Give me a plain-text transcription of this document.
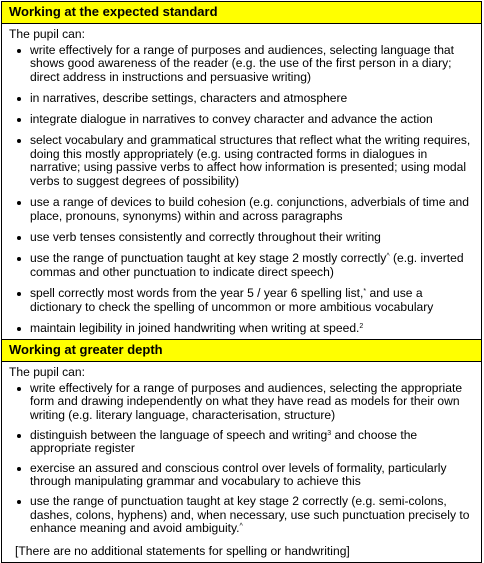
Working at the expected standard

The pupil can:
write effectively for a range of purposes and audiences, selecting language that shows good awareness of the reader (e.g. the use of the first person in a diary; direct address in instructions and persuasive writing)
in narratives, describe settings, characters and atmosphere
integrate dialogue in narratives to convey character and advance the action
select vocabulary and grammatical structures that reflect what the writing requires, doing this mostly appropriately (e.g. using contracted forms in dialogues in narrative; using passive verbs to affect how information is presented; using modal verbs to suggest degrees of possibility)
use a range of devices to build cohesion (e.g. conjunctions, adverbials of time and place, pronouns, synonyms) within and across paragraphs
use verb tenses consistently and correctly throughout their writing
use the range of punctuation taught at key stage 2 mostly correctly^ (e.g. inverted commas and other punctuation to indicate direct speech)
spell correctly most words from the year 5 / year 6 spelling list,* and use a dictionary to check the spelling of uncommon or more ambitious vocabulary
maintain legibility in joined handwriting when writing at speed.$^2$

Working at greater depth

The pupil can:
write effectively for a range of purposes and audiences, selecting the appropriate form and drawing independently on what they have read as models for their own writing (e.g. literary language, characterisation, structure)
distinguish between the language of speech and writing$^3$ and choose the appropriate register
exercise an assured and conscious control over levels of formality, particularly through manipulating grammar and vocabulary to achieve this
use the range of punctuation taught at key stage 2 correctly (e.g. semi-colons, dashes, colons, hyphens) and, when necessary, use such punctuation precisely to enhance meaning and avoid ambiguity.^
[There are no additional statements for spelling or handwriting]
